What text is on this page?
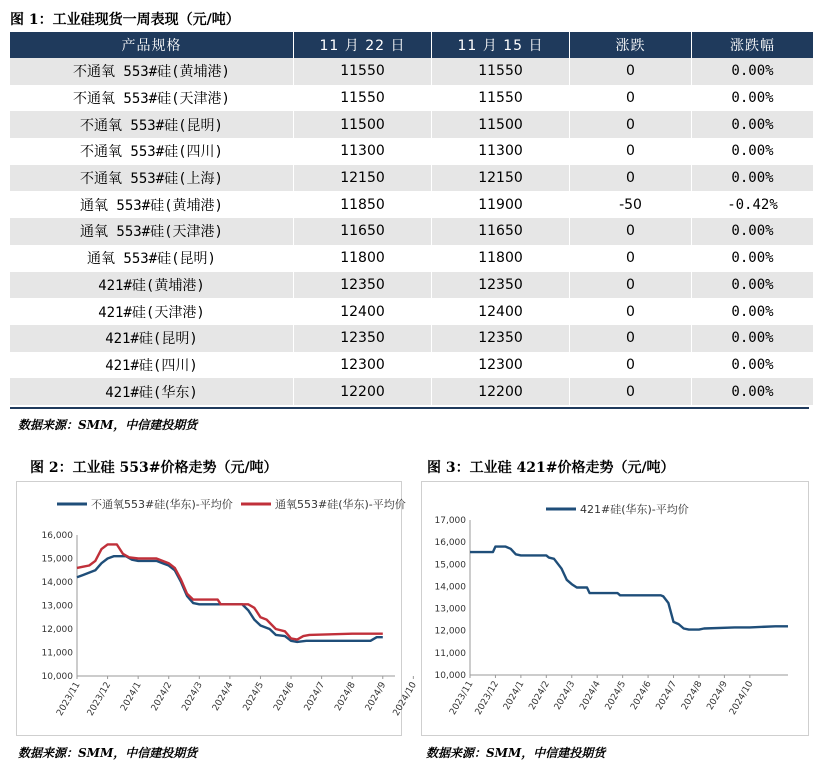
图 1：工业硅现货一周表现（元/吨）
产品规格	11 月 22 日	11 月 15 日	涨跌	涨跌幅
不通氧 553#硅(黄埔港)	11550	11550	0	0.00%
不通氧 553#硅(天津港)	11550	11550	0	0.00%
不通氧 553#硅(昆明)	11500	11500	0	0.00%
不通氧 553#硅(四川)	11300	11300	0	0.00%
不通氧 553#硅(上海)	12150	12150	0	0.00%
通氧 553#硅(黄埔港)	11850	11900	-50	-0.42%
通氧 553#硅(天津港)	11650	11650	0	0.00%
通氧 553#硅(昆明)	11800	11800	0	0.00%
421#硅(黄埔港)	12350	12350	0	0.00%
421#硅(天津港)	12400	12400	0	0.00%
421#硅(昆明)	12350	12350	0	0.00%
421#硅(四川)	12300	12300	0	0.00%
421#硅(华东)	12200	12200	0	0.00%
数据来源：SMM，中信建投期货
图 2：工业硅 553#价格走势（元/吨）
10,000
11,000
12,000
13,000
14,000
15,000
16,000
2023/11 2023/12 2024/1 2024/2 2024/3 2024/4 2024/5 2024/6 2024/7 2024/8 2024/9 2024/10
不通氧553#硅(华东)-平均价	通氧553#硅(华东)-平均价
数据来源：SMM，中信建投期货
图 3：工业硅 421#价格走势（元/吨）
10,000
11,000
12,000
13,000
14,000
15,000
16,000
17,000
2023/11
2023/12 2024/1 2024/2 2024/3 2024/4 2024/5 2024/6 2024/7 2024/8 2024/9
2024/10
421#硅(华东)-平均价
数据来源：SMM，中信建投期货
